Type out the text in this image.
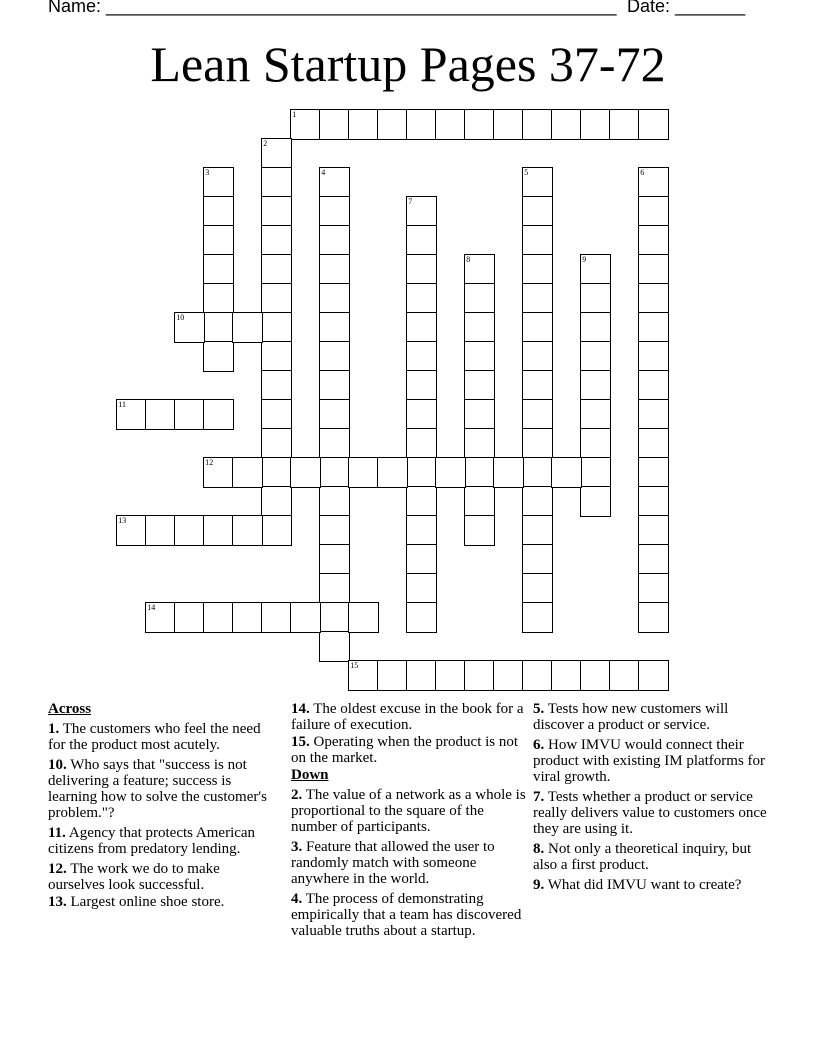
Name: ___________________________________________________ Date: _______
Lean Startup Pages 37-72
1
2
3	4	5	6
7
8	9
10
11
12
13
14
15
Across
1. The customers who feel the need for the product most acutely.
10. Who says that "success is not delivering a feature; success is learning how to solve the customer's problem."?
11. Agency that protects American citizens from predatory lending.
12. The work we do to make ourselves look successful.
13. Largest online shoe store.
14. The oldest excuse in the book for a failure of execution.
15. Operating when the product is not on the market.
Down
2. The value of a network as a whole is proportional to the square of the number of participants.
3. Feature that allowed the user to randomly match with someone anywhere in the world.
4. The process of demonstrating empirically that a team has discovered valuable truths about a startup.
5. Tests how new customers will discover a product or service.
6. How IMVU would connect their product with existing IM platforms for viral growth.
7. Tests whether a product or service really delivers value to customers once they are using it.
8. Not only a theoretical inquiry, but also a first product.
9. What did IMVU want to create?
